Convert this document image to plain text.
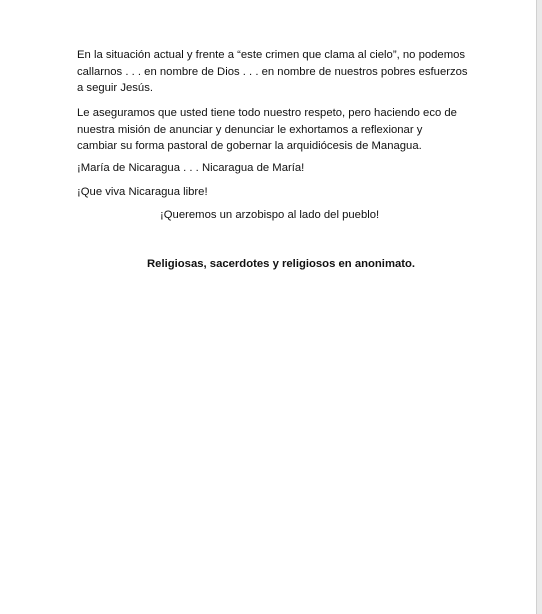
En la situación actual y frente a “este crimen que clama al cielo”, no podemos
callarnos . . . en nombre de Dios . . . en nombre de nuestros pobres esfuerzos
a seguir Jesús.
Le aseguramos que usted tiene todo nuestro respeto, pero haciendo eco de
nuestra misión de anunciar y denunciar le exhortamos a reflexionar y
cambiar su forma pastoral de gobernar la arquidiócesis de Managua.
¡María de Nicaragua . . . Nicaragua de María!
¡Que viva Nicaragua libre!
¡Queremos un arzobispo al lado del pueblo!
Religiosas, sacerdotes y religiosos en anonimato.
